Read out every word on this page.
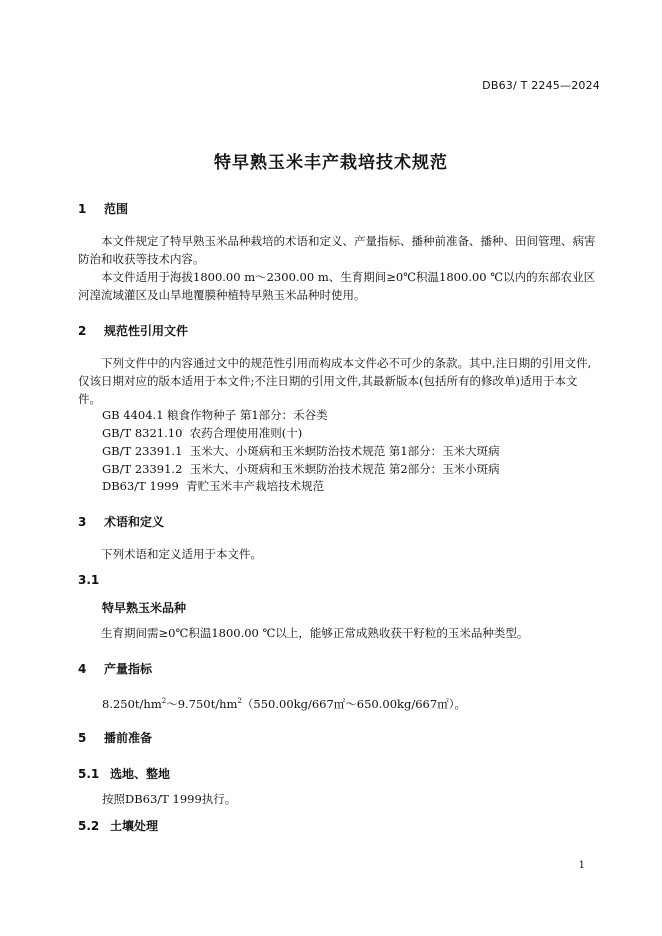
DB63/ T 2245—2024
特早熟玉米丰产栽培技术规范
1 范围
本文件规定了特早熟玉米品种栽培的术语和定义、产量指标、播种前准备、播种、田间管理、病害防治和收获等技术内容。
本文件适用于海拔1800.00 m～2300.00 m、生育期间≥0℃积温1800.00 ℃以内的东部农业区河湟流域灌区及山旱地覆膜种植特早熟玉米品种时使用。
2 规范性引用文件
下列文件中的内容通过文中的规范性引用而构成本文件必不可少的条款。其中,注日期的引用文件,仅该日期对应的版本适用于本文件;不注日期的引用文件,其最新版本(包括所有的修改单)适用于本文件。
GB 4404.1 粮食作物种子 第1部分：禾谷类
GB/T 8321.10  农药合理使用准则(十)
GB/T 23391.1  玉米大、小斑病和玉米螟防治技术规范 第1部分：玉米大斑病
GB/T 23391.2  玉米大、小斑病和玉米螟防治技术规范 第2部分：玉米小斑病
DB63/T 1999  青贮玉米丰产栽培技术规范
3 术语和定义
下列术语和定义适用于本文件。
3.1
特早熟玉米品种
生育期间需≥0℃积温1800.00 ℃以上，能够正常成熟收获干籽粒的玉米品种类型。
4 产量指标
$8.250t/hm^2\sim 9.750t/hm^2(550.00kg/667㎡\sim 650.00kg/667㎡)$。
5 播前准备
5.1 选地、整地
按照DB63/T 1999执行。
5.2 土壤处理
1
